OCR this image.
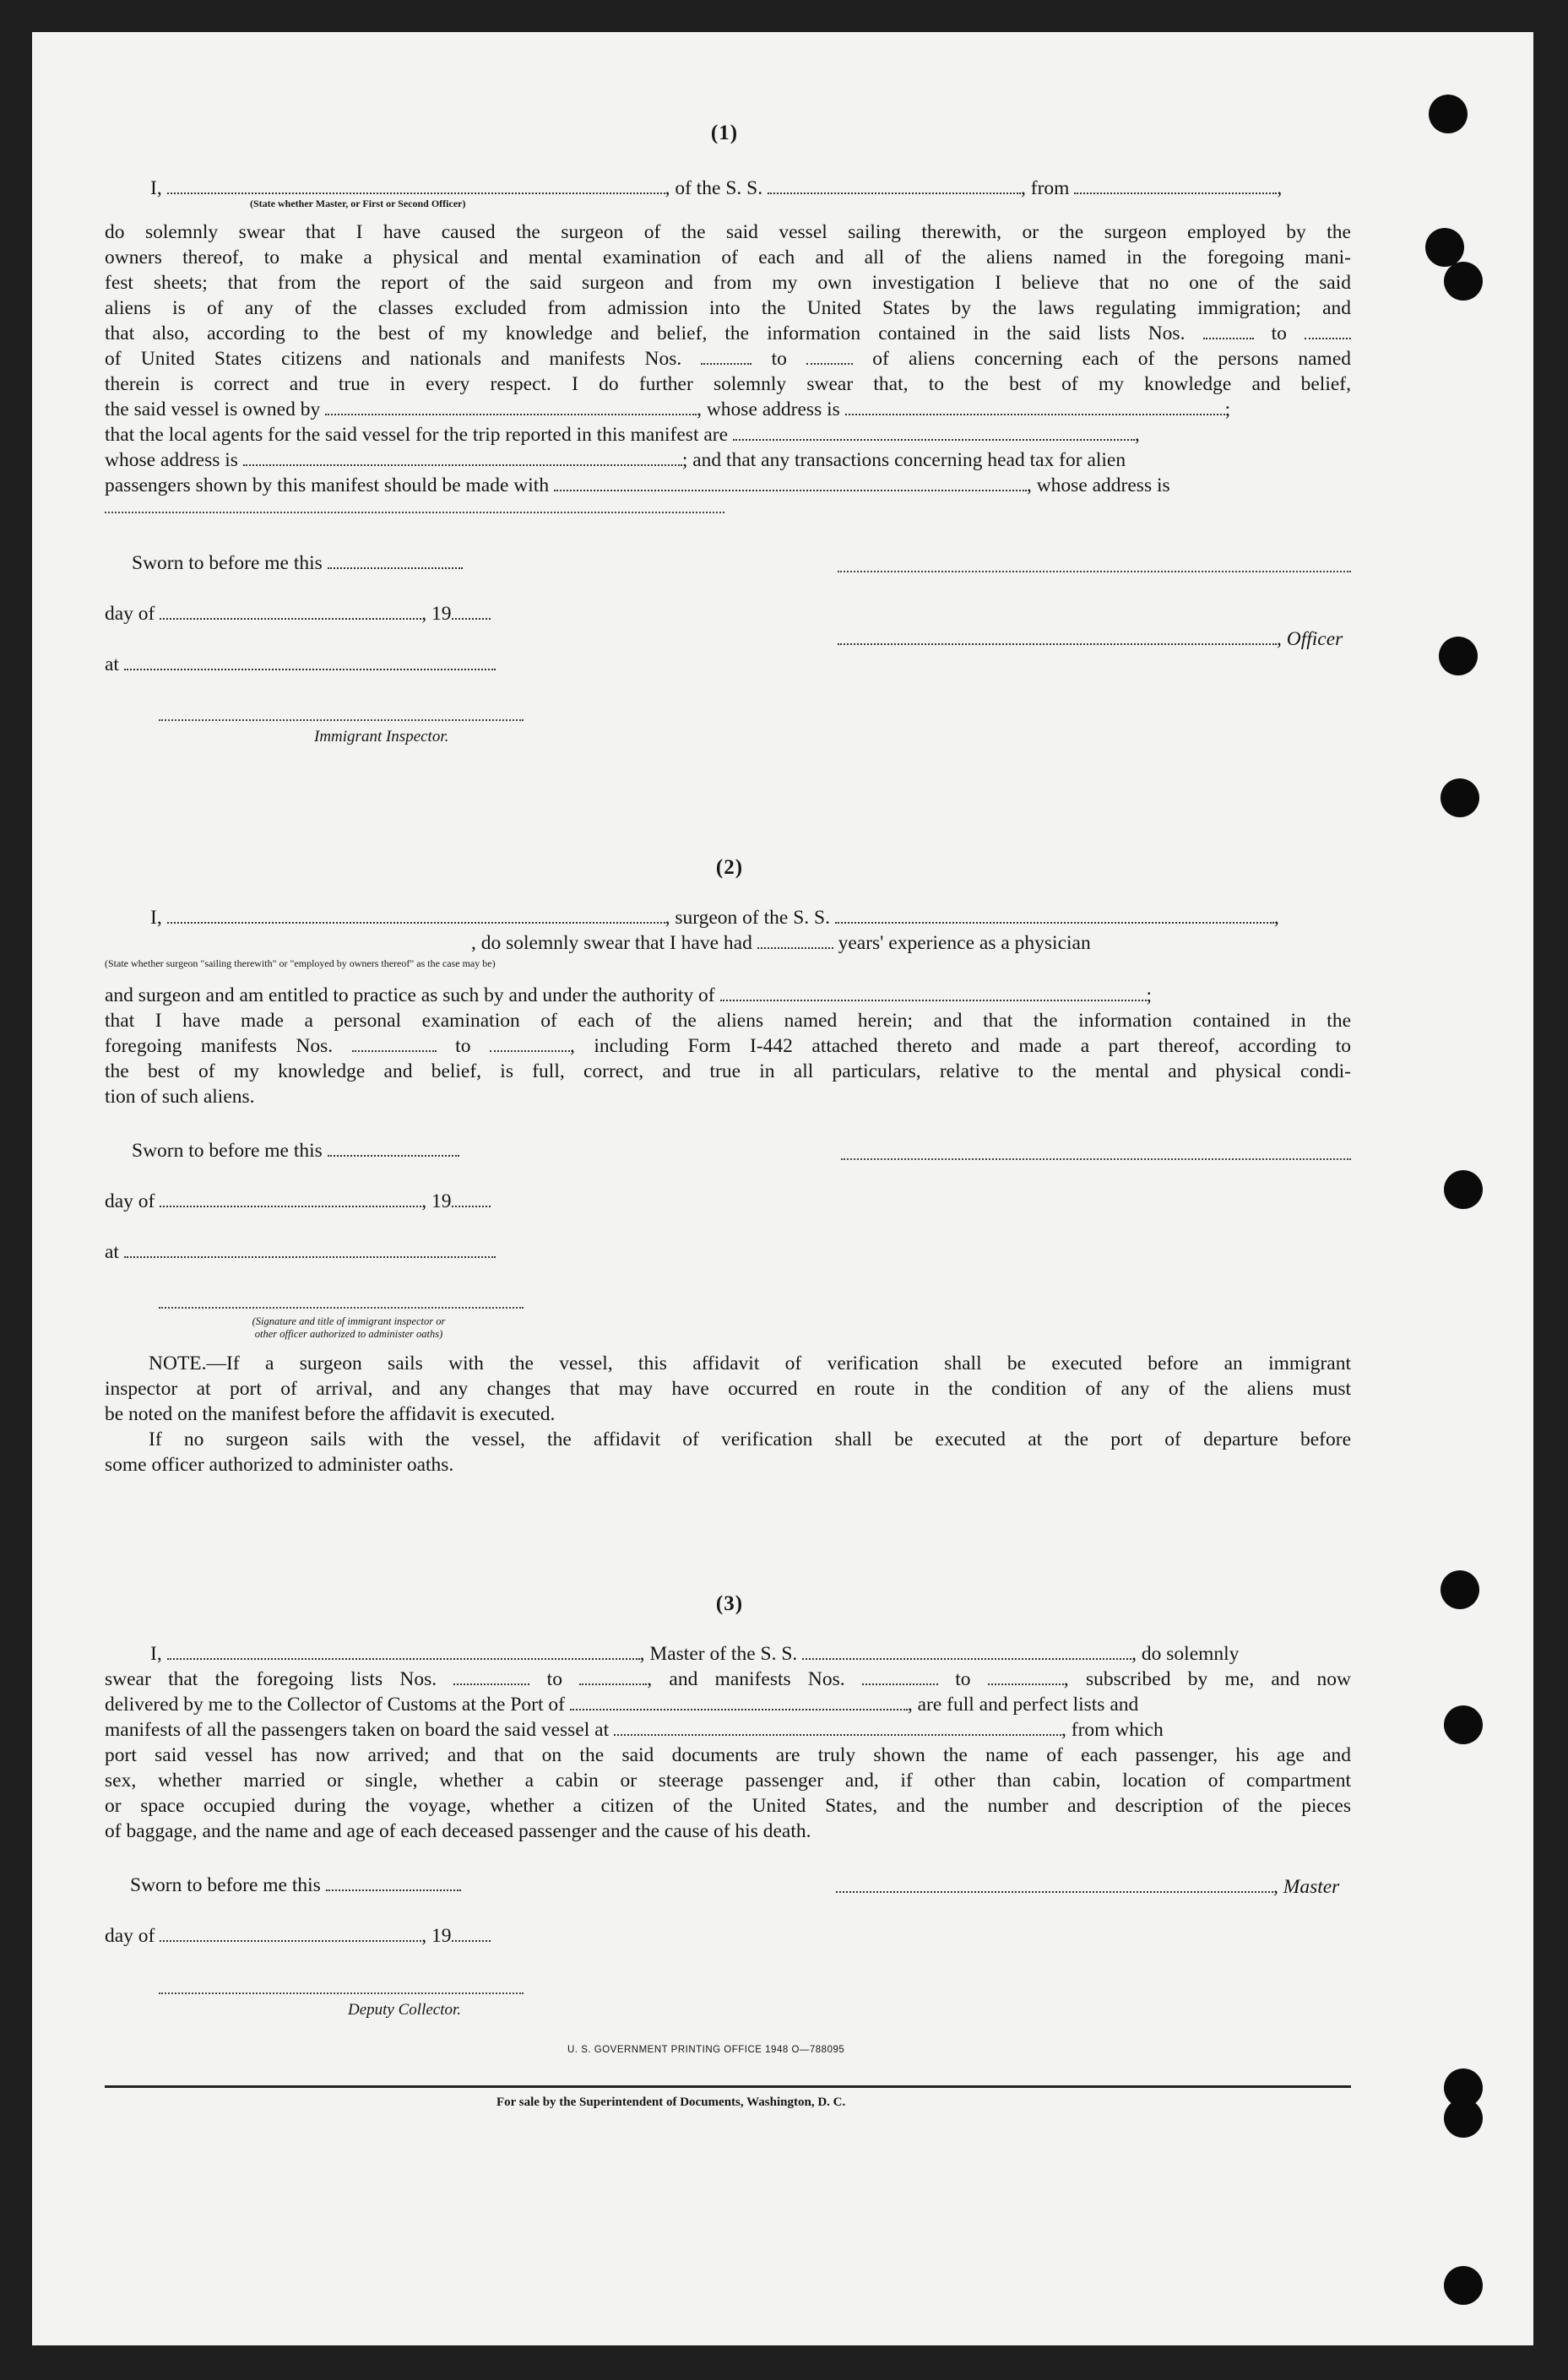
(1)
I,	, of the S. S.	, from	,
(State whether Master, or First or Second Officer)
do solemnly swear that I have caused the surgeon of the said vessel sailing therewith, or the surgeon employed by the
owners thereof, to make a physical and mental examination of each and all of the aliens named in the foregoing mani-
fest sheets; that from the report of the said surgeon and from my own investigation I believe that no one of the said
aliens is of any of the classes excluded from admission into the United States by the laws regulating immigration; and
that also, according to the best of my knowledge and belief, the information contained in the said lists Nos.	to
of United States citizens and nationals and manifests Nos.	to	of aliens concerning each of the persons named
therein is correct and true in every respect. I do further solemnly swear that, to the best of my knowledge and belief,
the said vessel is owned by	, whose address is	;
that the local agents for the said vessel for the trip reported in this manifest are	,
whose address is	; and that any transactions concerning head tax for alien
passengers shown by this manifest should be made with	, whose address is
Sworn to before me this
day of	, 19
, Officer
at
Immigrant Inspector.
(2)
I,	, surgeon of the S. S.	,
, do solemnly swear that I have had	years' experience as a physician
(State whether surgeon "sailing therewith" or "employed by owners thereof" as the case may be)
and surgeon and am entitled to practice as such by and under the authority of	;
that I have made a personal examination of each of the aliens named herein; and that the information contained in the
foregoing manifests Nos.	to	, including Form I-442 attached thereto and made a part thereof, according to
the best of my knowledge and belief, is full, correct, and true in all particulars, relative to the mental and physical condi-
tion of such aliens.
Sworn to before me this
day of	, 19
at
(Signature and title of immigrant inspector or
other officer authorized to administer oaths)
NOTE.—If a surgeon sails with the vessel, this affidavit of verification shall be executed before an immigrant
inspector at port of arrival, and any changes that may have occurred en route in the condition of any of the aliens must
be noted on the manifest before the affidavit is executed.
If no surgeon sails with the vessel, the affidavit of verification shall be executed at the port of departure before
some officer authorized to administer oaths.
(3)
I,	, Master of the S. S.	, do solemnly
swear that the foregoing lists Nos.	to	, and manifests Nos.	to	, subscribed by me, and now
delivered by me to the Collector of Customs at the Port of	, are full and perfect lists and
manifests of all the passengers taken on board the said vessel at	, from which
port said vessel has now arrived; and that on the said documents are truly shown the name of each passenger, his age and
sex, whether married or single, whether a cabin or steerage passenger and, if other than cabin, location of compartment
or space occupied during the voyage, whether a citizen of the United States, and the number and description of the pieces
of baggage, and the name and age of each deceased passenger and the cause of his death.
Sworn to before me this	, Master
day of	, 19
Deputy Collector.
U. S. GOVERNMENT PRINTING OFFICE 1948 O—788095
For sale by the Superintendent of Documents, Washington, D. C.
